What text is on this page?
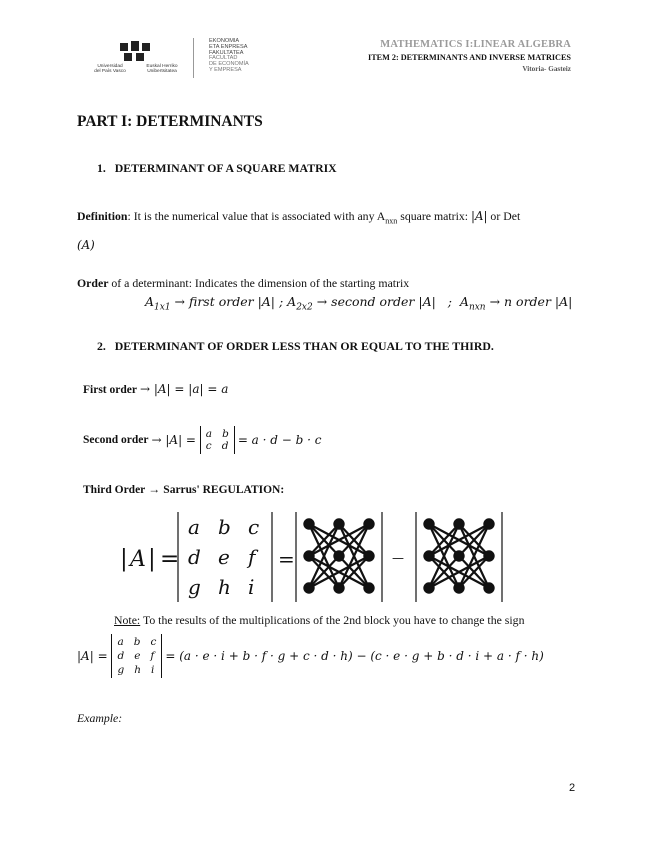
Universidad
del País Vasco
Euskal Herriko
Unibertsitatea
EKONOMIA
ETA ENPRESA
FAKULTATEA
FACULTAD
DE ECONOMÍA
Y EMPRESA
MATHEMATICS I:LINEAR ALGEBRA
ITEM 2: DETERMINANTS AND INVERSE MATRICES
Vitoria- Gasteiz
PART I: DETERMINANTS
1. DETERMINANT OF A SQUARE MATRIX
Definition: It is the numerical value that is associated with any $A_{nxn}$ square matrix: |A| or Det
(A)
Order of a determinant: Indicates the dimension of the starting matrix
$A_{1x1}$ → first order |A| ; $A_{2x2}$ → second order |A|   ;  $A_{nxn} \to n$ order |A|
2. DETERMINANT OF ORDER LESS THAN OR EQUAL TO THE THIRD.
First order → |A| = |a| = a
Second order → |A| =  a b
c d = a · d − b · c
Third Order → Sarrus' REGULATION:
| A | =
a b c
d e f
g h i
=	—
Note: To the results of the multiplications of the 2nd block you have to change the sign
|A| =  a b c
d e f
g h i  = (a · e · i + b · f · g + c · d · h) − (c · e · g + b · d · i + a · f · h)
Example:
2
